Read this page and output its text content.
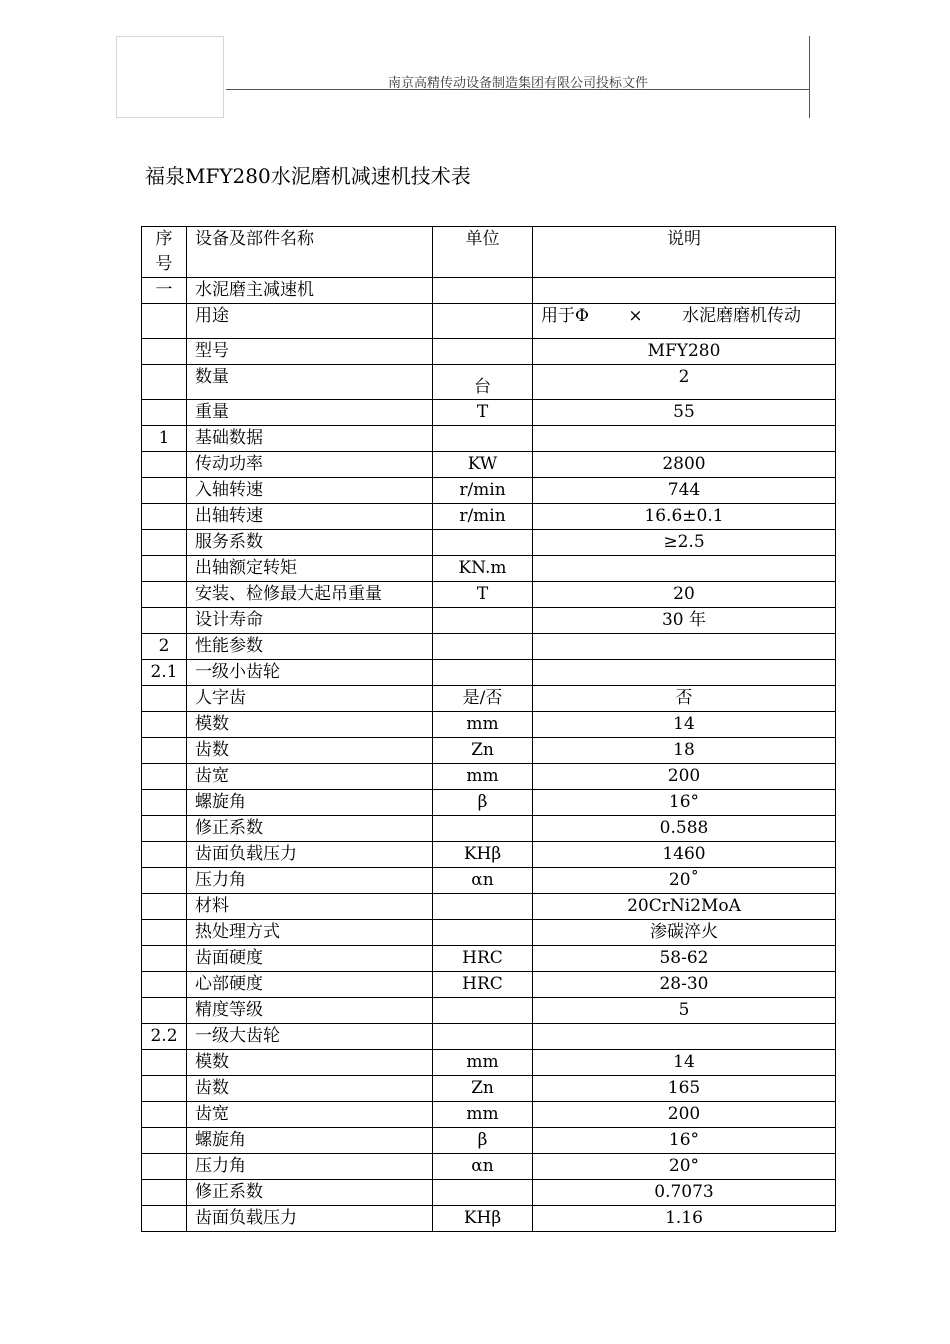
南京高精传动设备制造集团有限公司投标文件
福泉MFY280水泥磨机减速机技术表
序号	设备及部件名称	单位	说明
一	水泥磨主减速机		
	用途		用于Φ 　　×　　 水泥磨磨机传动
	型号		MFY280
	数量	台	2
	重量	T	55
1	基础数据		
	传动功率	KW	2800
	入轴转速	r/min	744
	出轴转速	r/min	16.6±0.1
	服务系数		≥2.5
	出轴额定转矩	KN.m	
	安装、检修最大起吊重量	T	20
	设计寿命		30 年
2	性能参数		
2.1	一级小齿轮		
	人字齿	是/否	否
	模数	mm	14
	齿数	Zn	18
	齿宽	mm	200
	螺旋角	β	16°
	修正系数		0.588
	齿面负载压力	KHβ	1460
	压力角	αn	20˚
	材料		20CrNi2MoA
	热处理方式		渗碳淬火
	齿面硬度	HRC	58-62
	心部硬度	HRC	28-30
	精度等级		5
2.2	一级大齿轮		
	模数	mm	14
	齿数	Zn	165
	齿宽	mm	200
	螺旋角	β	16°
	压力角	αn	20°
	修正系数		0.7073
	齿面负载压力	KHβ	1.16
